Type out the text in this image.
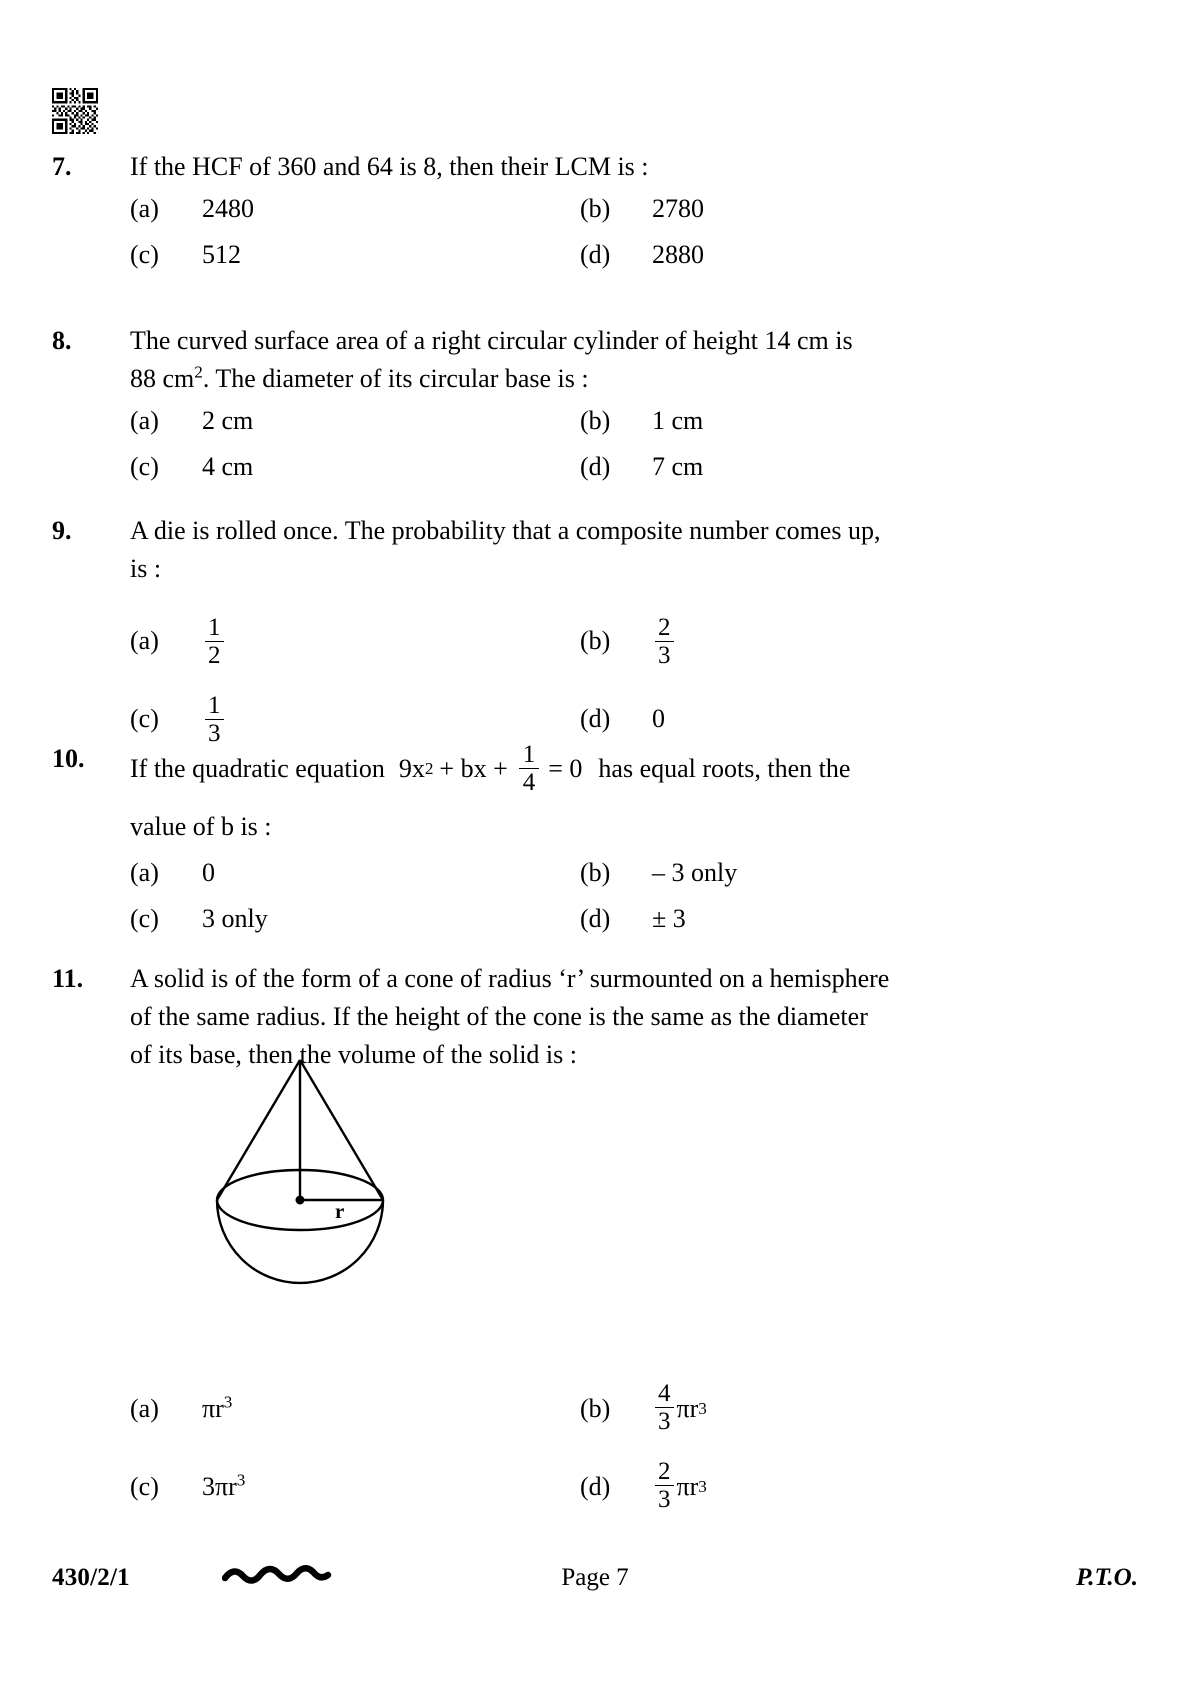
7.	If the HCF of 360 and 64 is 8, then their LCM is :
(a)	2480	(b)	2780
(c)	512	(d)	2880
8.	The curved surface area of a right circular cylinder of height 14 cm is
88 $cm^2$. The diameter of its circular base is :
(a)	2 cm	(b)	1 cm
(c)	4 cm	(d)	7 cm
9.	A die is rolled once. The probability that a composite number comes up,
is :
(a)	$\frac{1}{2}$	(b)	$\frac{2}{3}$
(c)	$\frac{1}{3}$	(d)	0
10.	If the quadratic equation 9x 2 + bx + $\frac{1}{4} = 0$ has equal roots, then the
value of b is :
(a)	0	(b)	– 3 only
(c)	3 only	(d)	± 3
11.	A solid is of the form of a cone of radius ‘r’ surmounted on a hemisphere
of the same radius. If the height of the cone is the same as the diameter
of its base, then the volume of the solid is :
r
(a)	$\pi r^3$	(b)	$\frac{4}{3}$ πr 3
(c)	$3\pi r^3$	(d)	$\frac{2}{3}$ πr 3
430/2/1	Page 7	P.T.O.
